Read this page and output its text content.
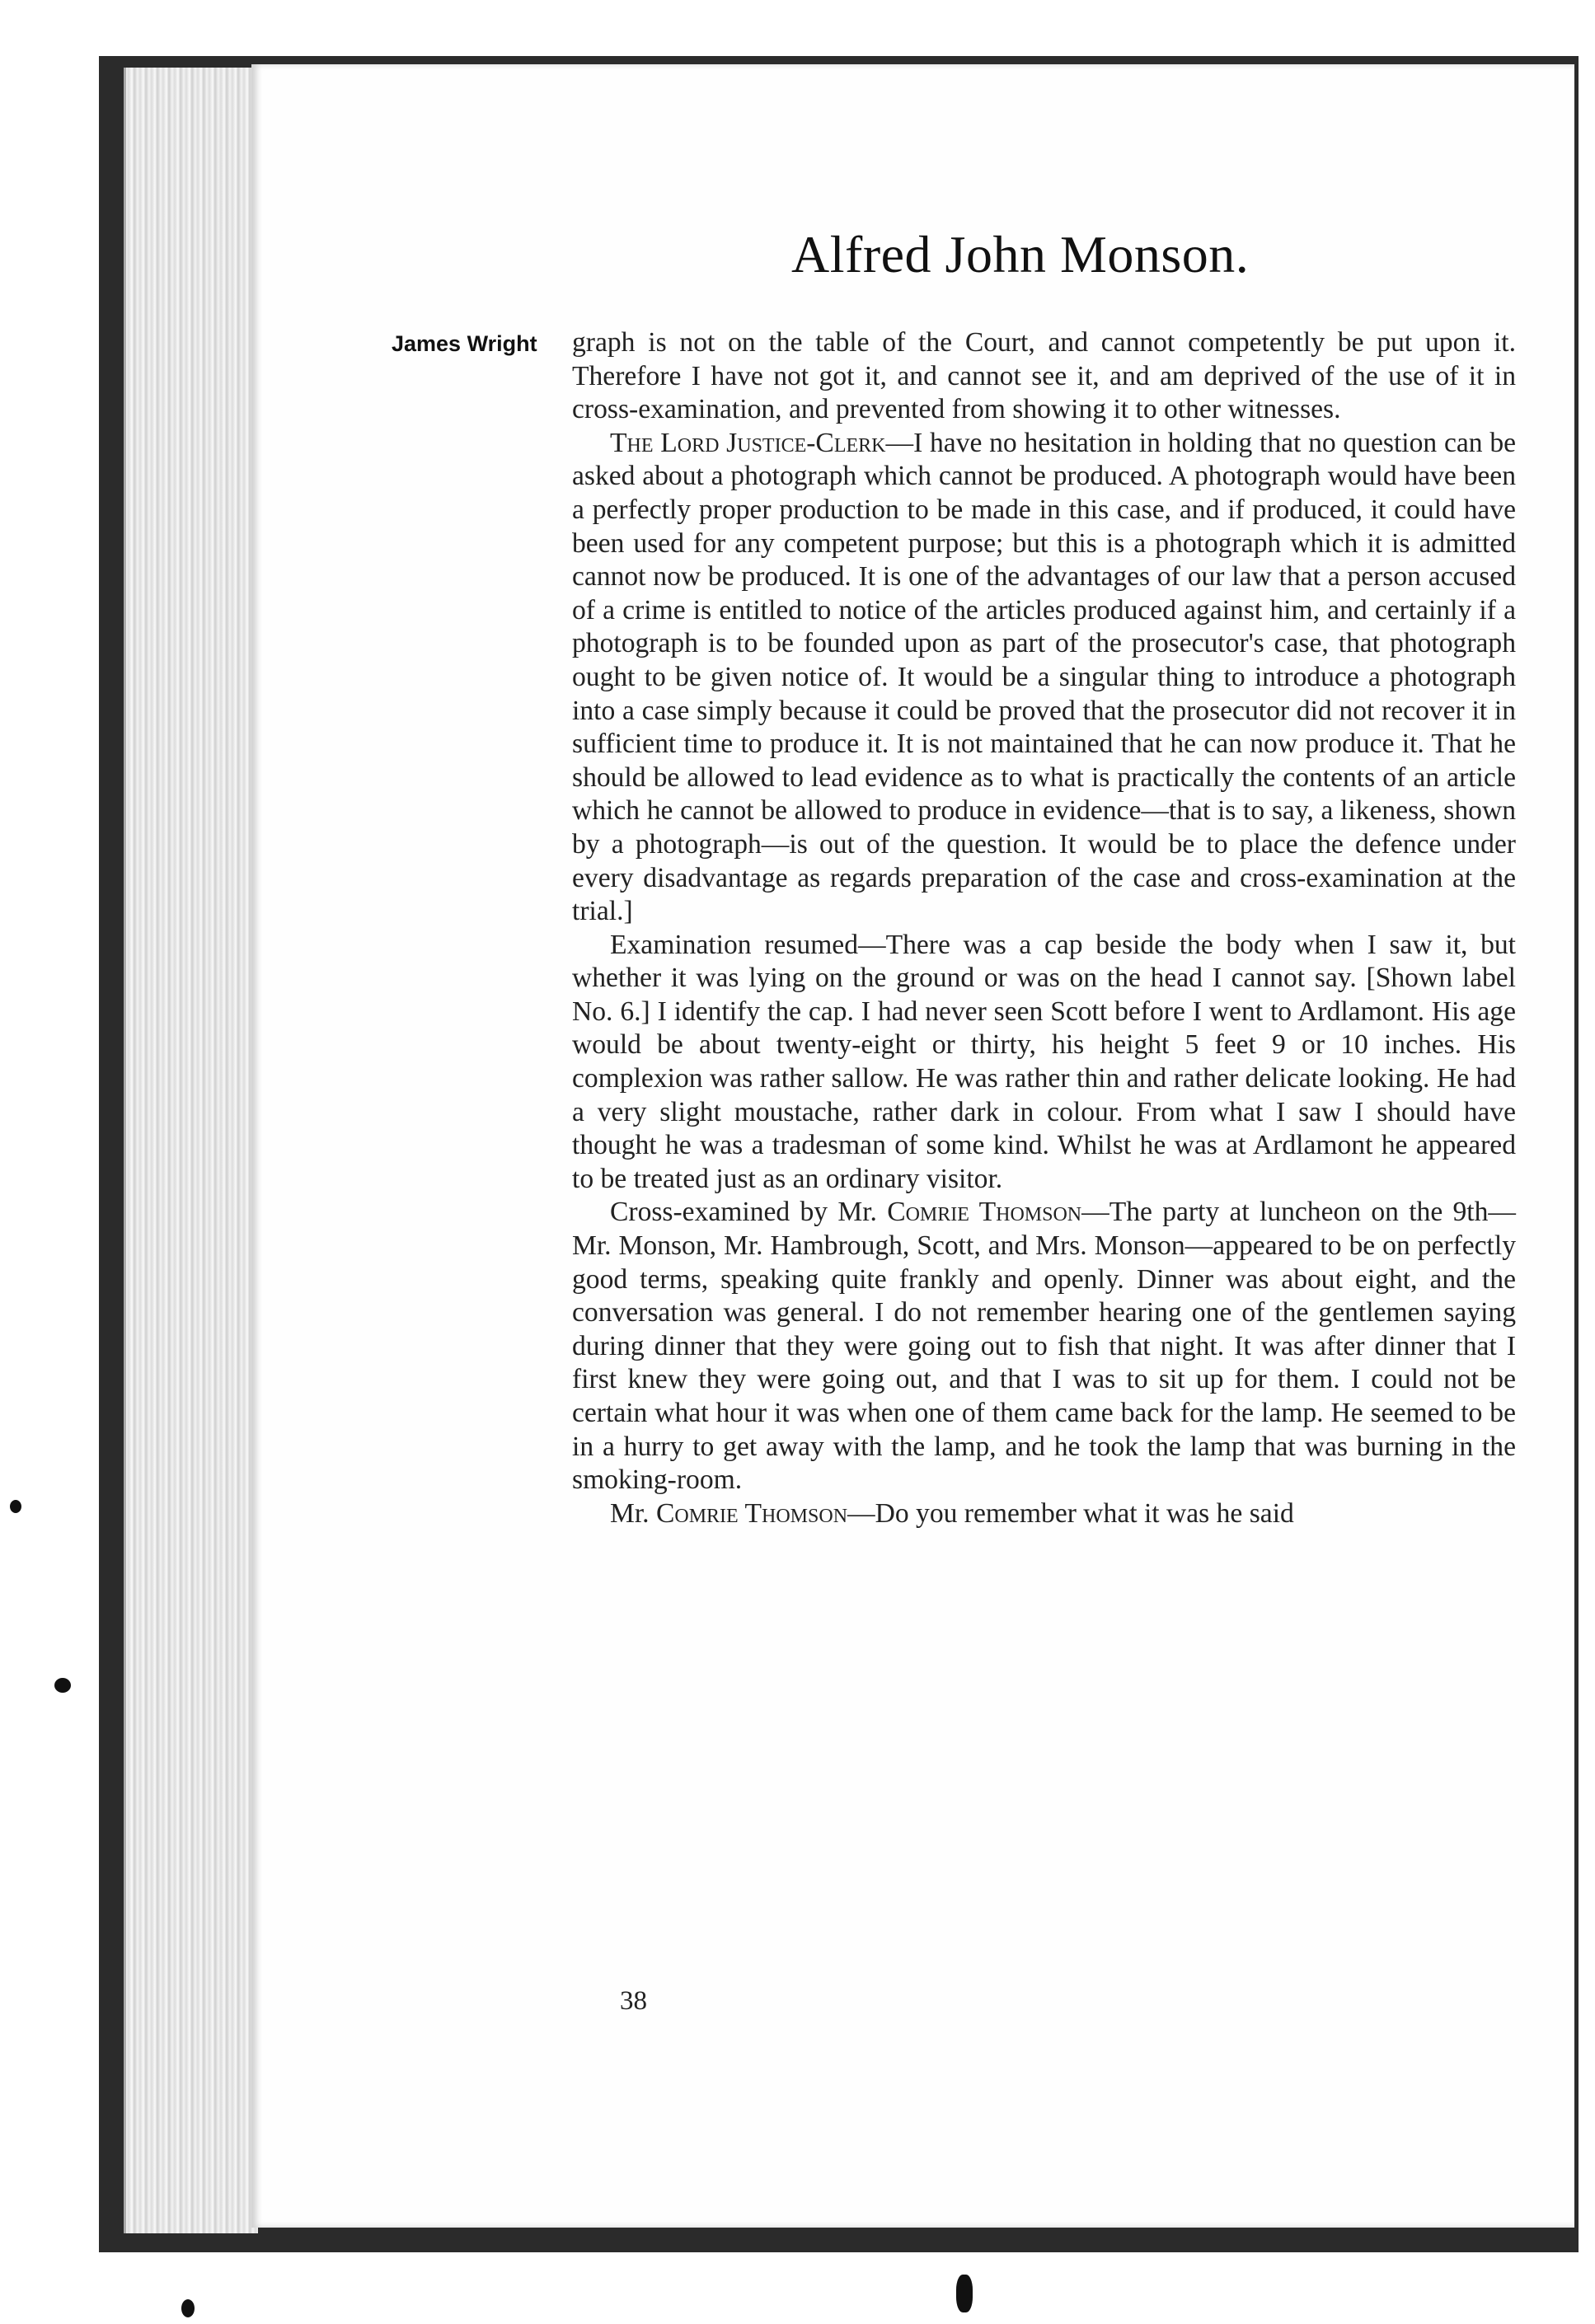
Alfred John Monson.
James Wright graph is not on the table of the Court, and cannot competently be put upon it. Therefore I have not got it, and cannot see it, and am deprived of the use of it in cross-examination, and prevented from showing it to other witnesses.

The Lord Justice-Clerk—I have no hesitation in holding that no question can be asked about a photograph which cannot be produced. A photograph would have been a perfectly proper production to be made in this case, and if produced, it could have been used for any competent purpose; but this is a photograph which it is admitted cannot now be produced. It is one of the advantages of our law that a person accused of a crime is entitled to notice of the articles produced against him, and certainly if a photograph is to be founded upon as part of the prosecutor's case, that photograph ought to be given notice of. It would be a singular thing to introduce a photograph into a case simply because it could be proved that the prosecutor did not recover it in sufficient time to produce it. It is not maintained that he can now produce it. That he should be allowed to lead evidence as to what is practically the contents of an article which he cannot be allowed to produce in evidence—that is to say, a likeness, shown by a photograph—is out of the question. It would be to place the defence under every disadvantage as regards preparation of the case and cross-examination at the trial.]

Examination resumed—There was a cap beside the body when I saw it, but whether it was lying on the ground or was on the head I cannot say. [Shown label No. 6.] I identify the cap. I had never seen Scott before I went to Ardlamont. His age would be about twenty-eight or thirty, his height 5 feet 9 or 10 inches. His complexion was rather sallow. He was rather thin and rather delicate looking. He had a very slight moustache, rather dark in colour. From what I saw I should have thought he was a tradesman of some kind. Whilst he was at Ardlamont he appeared to be treated just as an ordinary visitor.

Cross-examined by Mr. Comrie Thomson—The party at luncheon on the 9th—Mr. Monson, Mr. Hambrough, Scott, and Mrs. Monson—appeared to be on perfectly good terms, speaking quite frankly and openly. Dinner was about eight, and the conversation was general. I do not remember hearing one of the gentlemen saying during dinner that they were going out to fish that night. It was after dinner that I first knew they were going out, and that I was to sit up for them. I could not be certain what hour it was when one of them came back for the lamp. He seemed to be in a hurry to get away with the lamp, and he took the lamp that was burning in the smoking-room.

Mr. Comrie Thomson—Do you remember what it was he said

38
